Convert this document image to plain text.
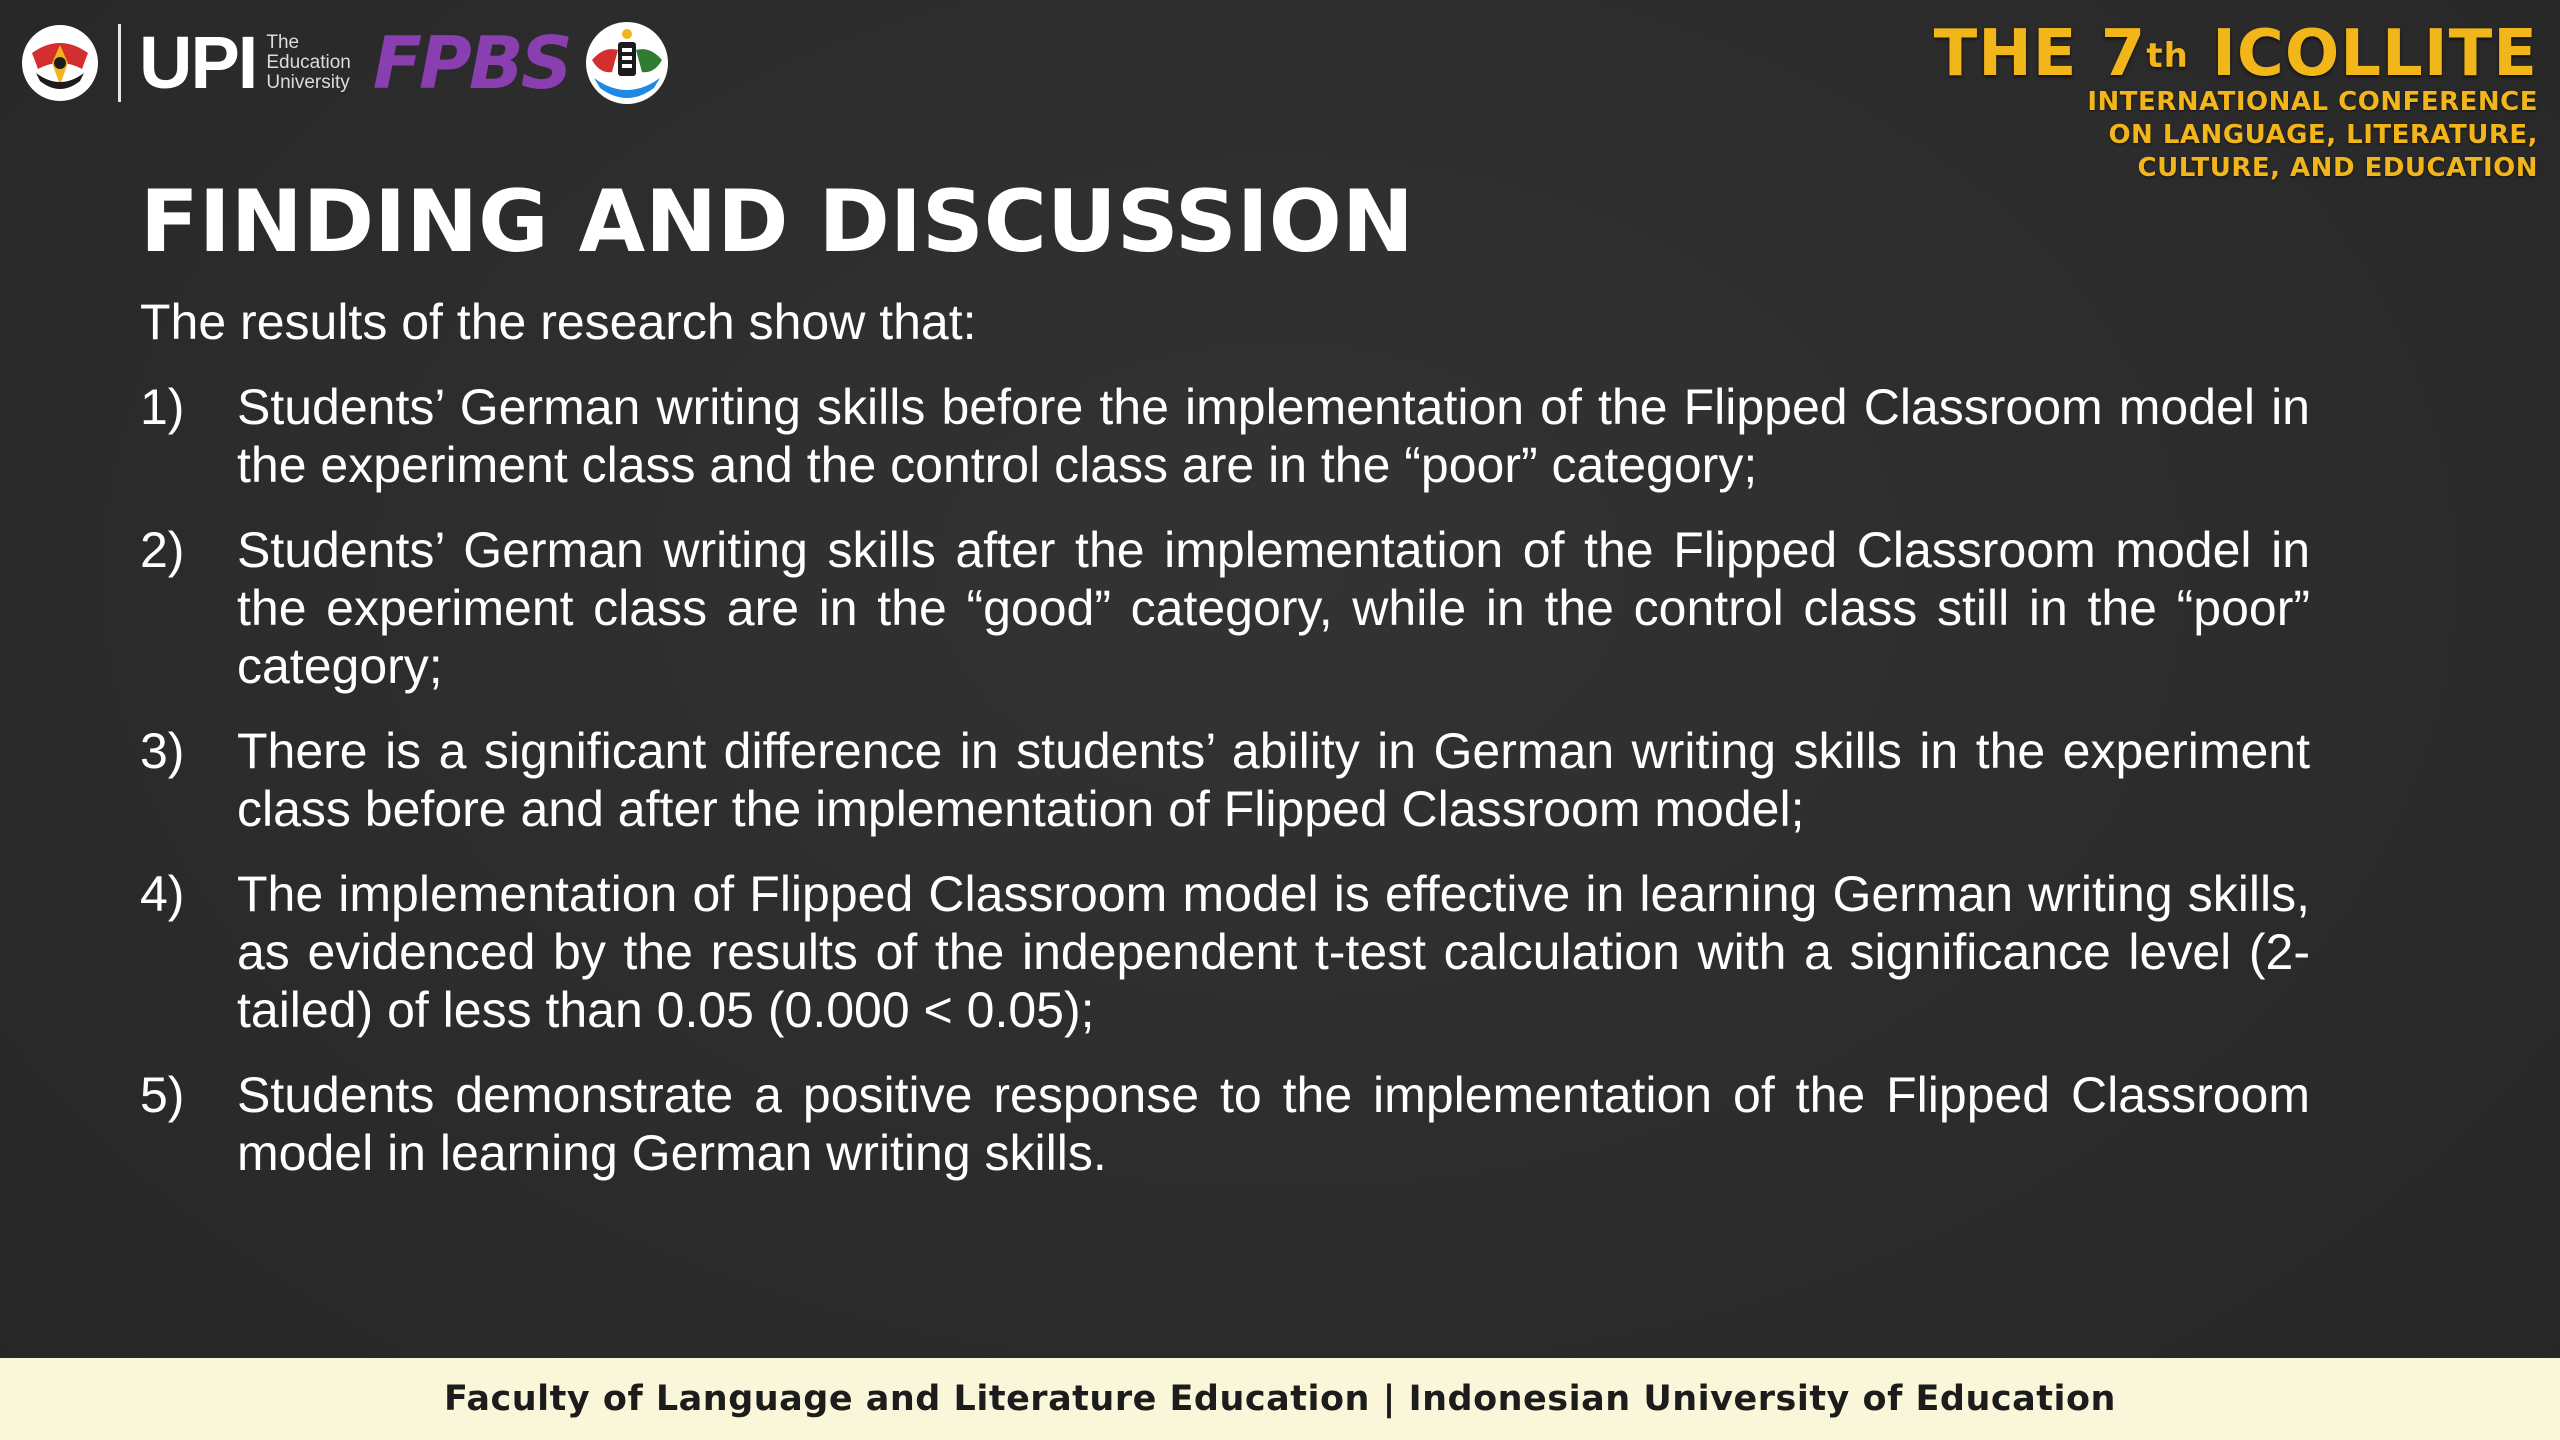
UPI The
Education
University FPBS	THE 7th ICOLLITE
INTERNATIONAL CONFERENCE
ON LANGUAGE, LITERATURE,
CULTURE, AND EDUCATION
FINDING AND DISCUSSION
The results of the research show that:
1)	Students’ German writing skills before the implementation of the Flipped Classroom model in the experiment class and the control class are in the “poor” category;
2)	Students’ German writing skills after the implementation of the Flipped Classroom model in the experiment class are in the “good” category, while in the control class still in the “poor” category;
3)	There is a significant difference in students’ ability in German writing skills in the experiment class before and after the implementation of Flipped Classroom model;
4)	The implementation of Flipped Classroom model is effective in learning German writing skills, as evidenced by the results of the independent t-test calculation with a significance level (2-tailed) of less than 0.05 (0.000 < 0.05);
5)	Students demonstrate a positive response to the implementation of the Flipped Classroom model in learning German writing skills.
Faculty of Language and Literature Education | Indonesian University of Education
